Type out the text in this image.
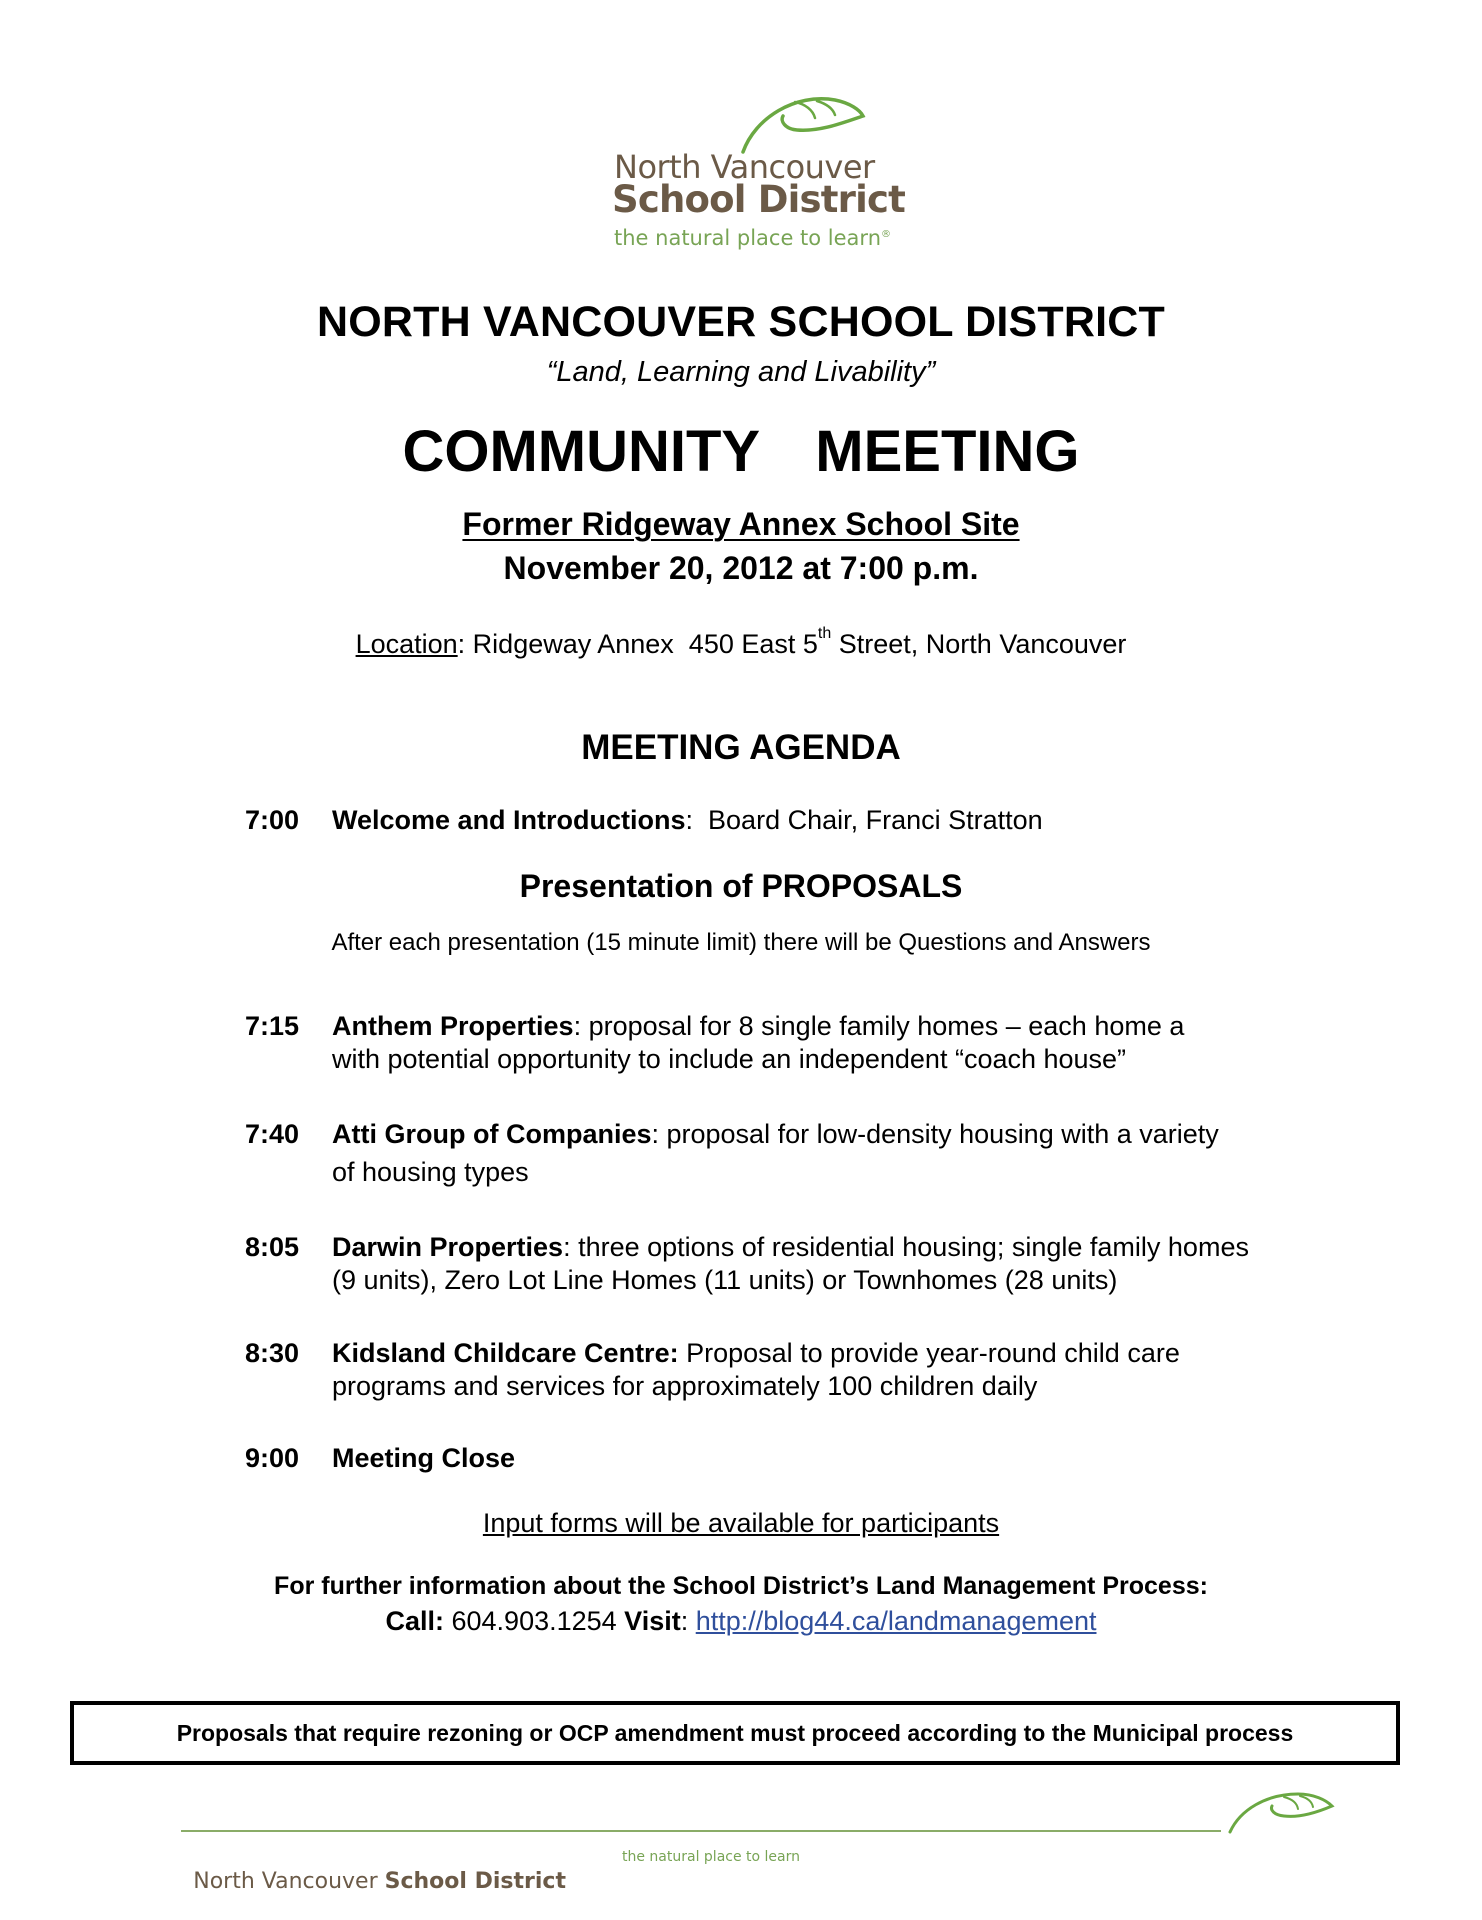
North Vancouver
School District
the natural place to learn®
NORTH VANCOUVER SCHOOL DISTRICT
“Land, Learning and Livability”
COMMUNITY  MEETING
Former Ridgeway Annex School Site
November 20, 2012 at 7:00 p.m.
Location: Ridgeway Annex  450 East 5th Street, North Vancouver
MEETING AGENDA
7:00 Welcome and Introductions:  Board Chair, Franci Stratton
Presentation of PROPOSALS
After each presentation (15 minute limit) there will be Questions and Answers
7:15 Anthem Properties: proposal for 8 single family homes – each home a
with potential opportunity to include an independent “coach house”
7:40 Atti Group of Companies: proposal for low-density housing with a variety
of housing types
8:05 Darwin Properties: three options of residential housing; single family homes
(9 units), Zero Lot Line Homes (11 units) or Townhomes (28 units)
8:30 Kidsland Childcare Centre: Proposal to provide year-round child care
programs and services for approximately 100 children daily
9:00 Meeting Close
Input forms will be available for participants
For further information about the School District’s Land Management Process:
Call: 604.903.1254 Visit: http://blog44.ca/landmanagement
Proposals that require rezoning or OCP amendment must proceed according to the Municipal process

North Vancouver School District

the natural place to learn
